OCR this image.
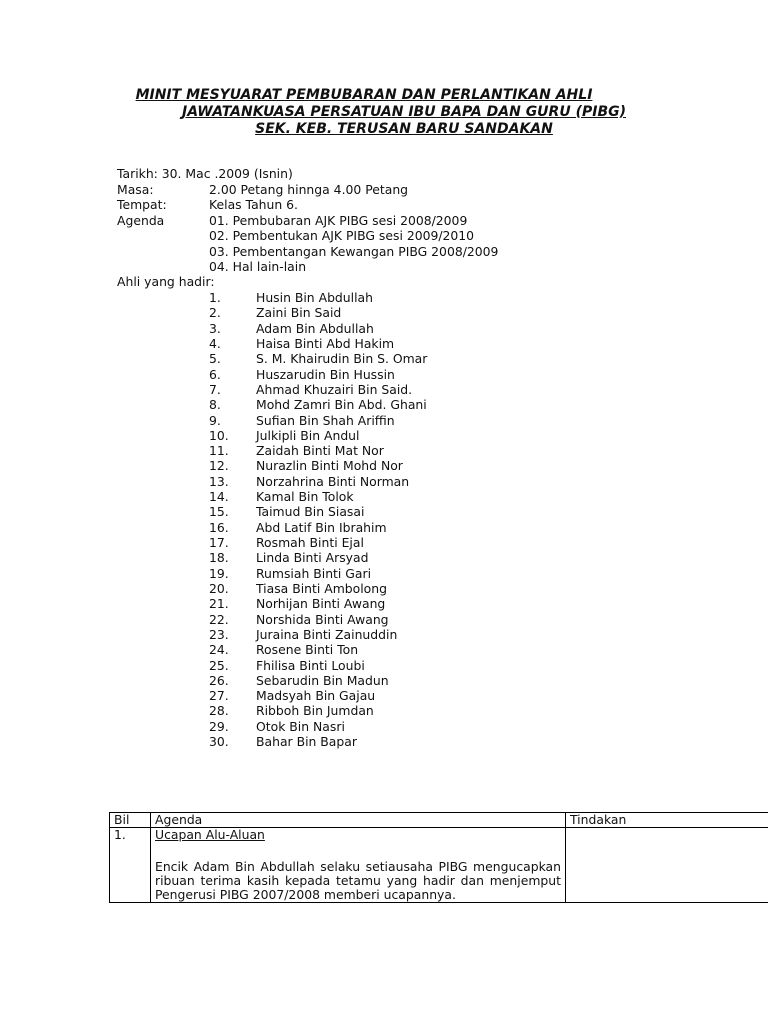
MINIT MESYUARAT PEMBUBARAN DAN PERLANTIKAN AHLI
JAWATANKUASA PERSATUAN IBU BAPA DAN GURU (PIBG)
SEK. KEB. TERUSAN BARU SANDAKAN
Tarikh: 30. Mac .2009 (Isnin)
Masa:	2.00 Petang hinnga 4.00 Petang
Tempat:	Kelas Tahun 6.
Agenda	01. Pembubaran AJK PIBG sesi 2008/2009
02. Pembentukan AJK PIBG sesi 2009/2010
03. Pembentangan Kewangan PIBG 2008/2009
04. Hal lain-lain
Ahli yang hadir:
1.	Husin Bin Abdullah
2.	Zaini Bin Said
3.	Adam Bin Abdullah
4.	Haisa Binti Abd Hakim
5.	S. M. Khairudin Bin S. Omar
6.	Huszarudin Bin Hussin
7.	Ahmad Khuzairi Bin Said.
8.	Mohd Zamri Bin Abd. Ghani
9.	Sufian Bin Shah Ariffin
10. Julkipli Bin Andul
11. Zaidah Binti Mat Nor
12. Nurazlin Binti Mohd Nor
13. Norzahrina Binti Norman
14. Kamal Bin Tolok
15. Taimud Bin Siasai
16. Abd Latif Bin Ibrahim
17. Rosmah Binti Ejal
18. Linda Binti Arsyad
19. Rumsiah Binti Gari
20. Tiasa Binti Ambolong
21. Norhijan Binti Awang
22. Norshida Binti Awang
23. Juraina Binti Zainuddin
24. Rosene Binti Ton
25. Fhilisa Binti Loubi
26. Sebarudin Bin Madun
27. Madsyah Bin Gajau
28. Ribboh Bin Jumdan
29. Otok Bin Nasri
30. Bahar Bin Bapar
Bil	Agenda	Tindakan
1.	Ucapan Alu-Aluan
Encik Adam Bin Abdullah selaku setiausaha PIBG mengucapkan ribuan terima kasih kepada tetamu yang hadir dan menjemput Pengerusi PIBG 2007/2008 memberi ucapannya.	
